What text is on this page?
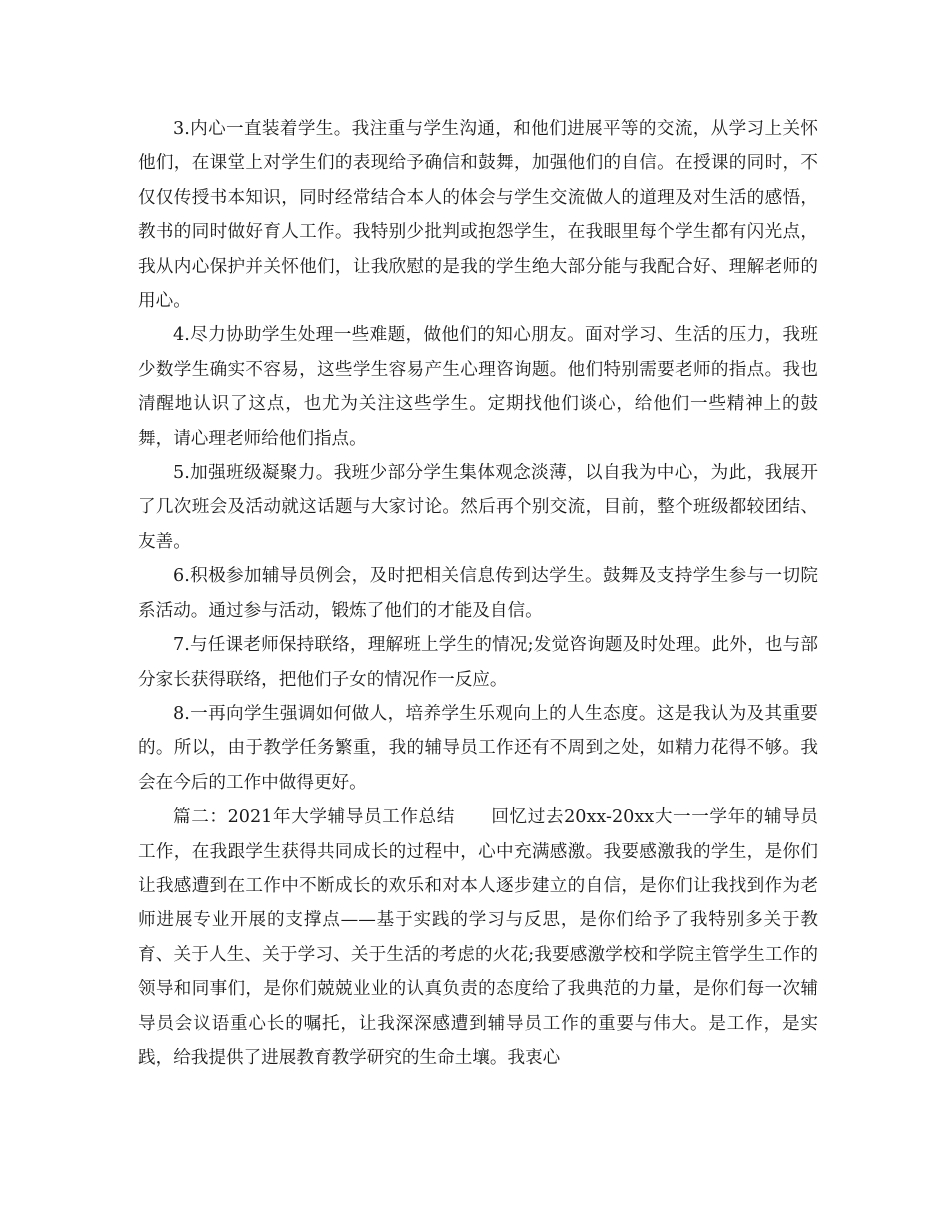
3.内心一直装着学生。我注重与学生沟通，和他们进展平等的交流，从学习上关怀他们，在课堂上对学生们的表现给予确信和鼓舞，加强他们的自信。在授课的同时，不仅仅传授书本知识，同时经常结合本人的体会与学生交流做人的道理及对生活的感悟，教书的同时做好育人工作。我特别少批判或抱怨学生，在我眼里每个学生都有闪光点，我从内心保护并关怀他们，让我欣慰的是我的学生绝大部分能与我配合好、理解老师的用心。

4.尽力协助学生处理一些难题，做他们的知心朋友。面对学习、生活的压力，我班少数学生确实不容易，这些学生容易产生心理咨询题。他们特别需要老师的指点。我也清醒地认识了这点，也尤为关注这些学生。定期找他们谈心，给他们一些精神上的鼓舞，请心理老师给他们指点。

5.加强班级凝聚力。我班少部分学生集体观念淡薄，以自我为中心，为此，我展开了几次班会及活动就这话题与大家讨论。然后再个别交流，目前，整个班级都较团结、友善。

6.积极参加辅导员例会，及时把相关信息传到达学生。鼓舞及支持学生参与一切院系活动。通过参与活动，锻炼了他们的才能及自信。

7.与任课老师保持联络，理解班上学生的情况;发觉咨询题及时处理。此外，也与部分家长获得联络，把他们子女的情况作一反应。

8.一再向学生强调如何做人，培养学生乐观向上的人生态度。这是我认为及其重要的。所以，由于教学任务繁重，我的辅导员工作还有不周到之处，如精力花得不够。我会在今后的工作中做得更好。

篇二：2021年大学辅导员工作总结　　回忆过去20xx-20xx大一一学年的辅导员工作，在我跟学生获得共同成长的过程中，心中充满感激。我要感激我的学生，是你们让我感遭到在工作中不断成长的欢乐和对本人逐步建立的自信，是你们让我找到作为老师进展专业开展的支撑点——基于实践的学习与反思，是你们给予了我特别多关于教育、关于人生、关于学习、关于生活的考虑的火花;我要感激学校和学院主管学生工作的领导和同事们，是你们兢兢业业的认真负责的态度给了我典范的力量，是你们每一次辅导员会议语重心长的嘱托，让我深深感遭到辅导员工作的重要与伟大。是工作，是实践，给我提供了进展教育教学研究的生命土壤。我衷心
